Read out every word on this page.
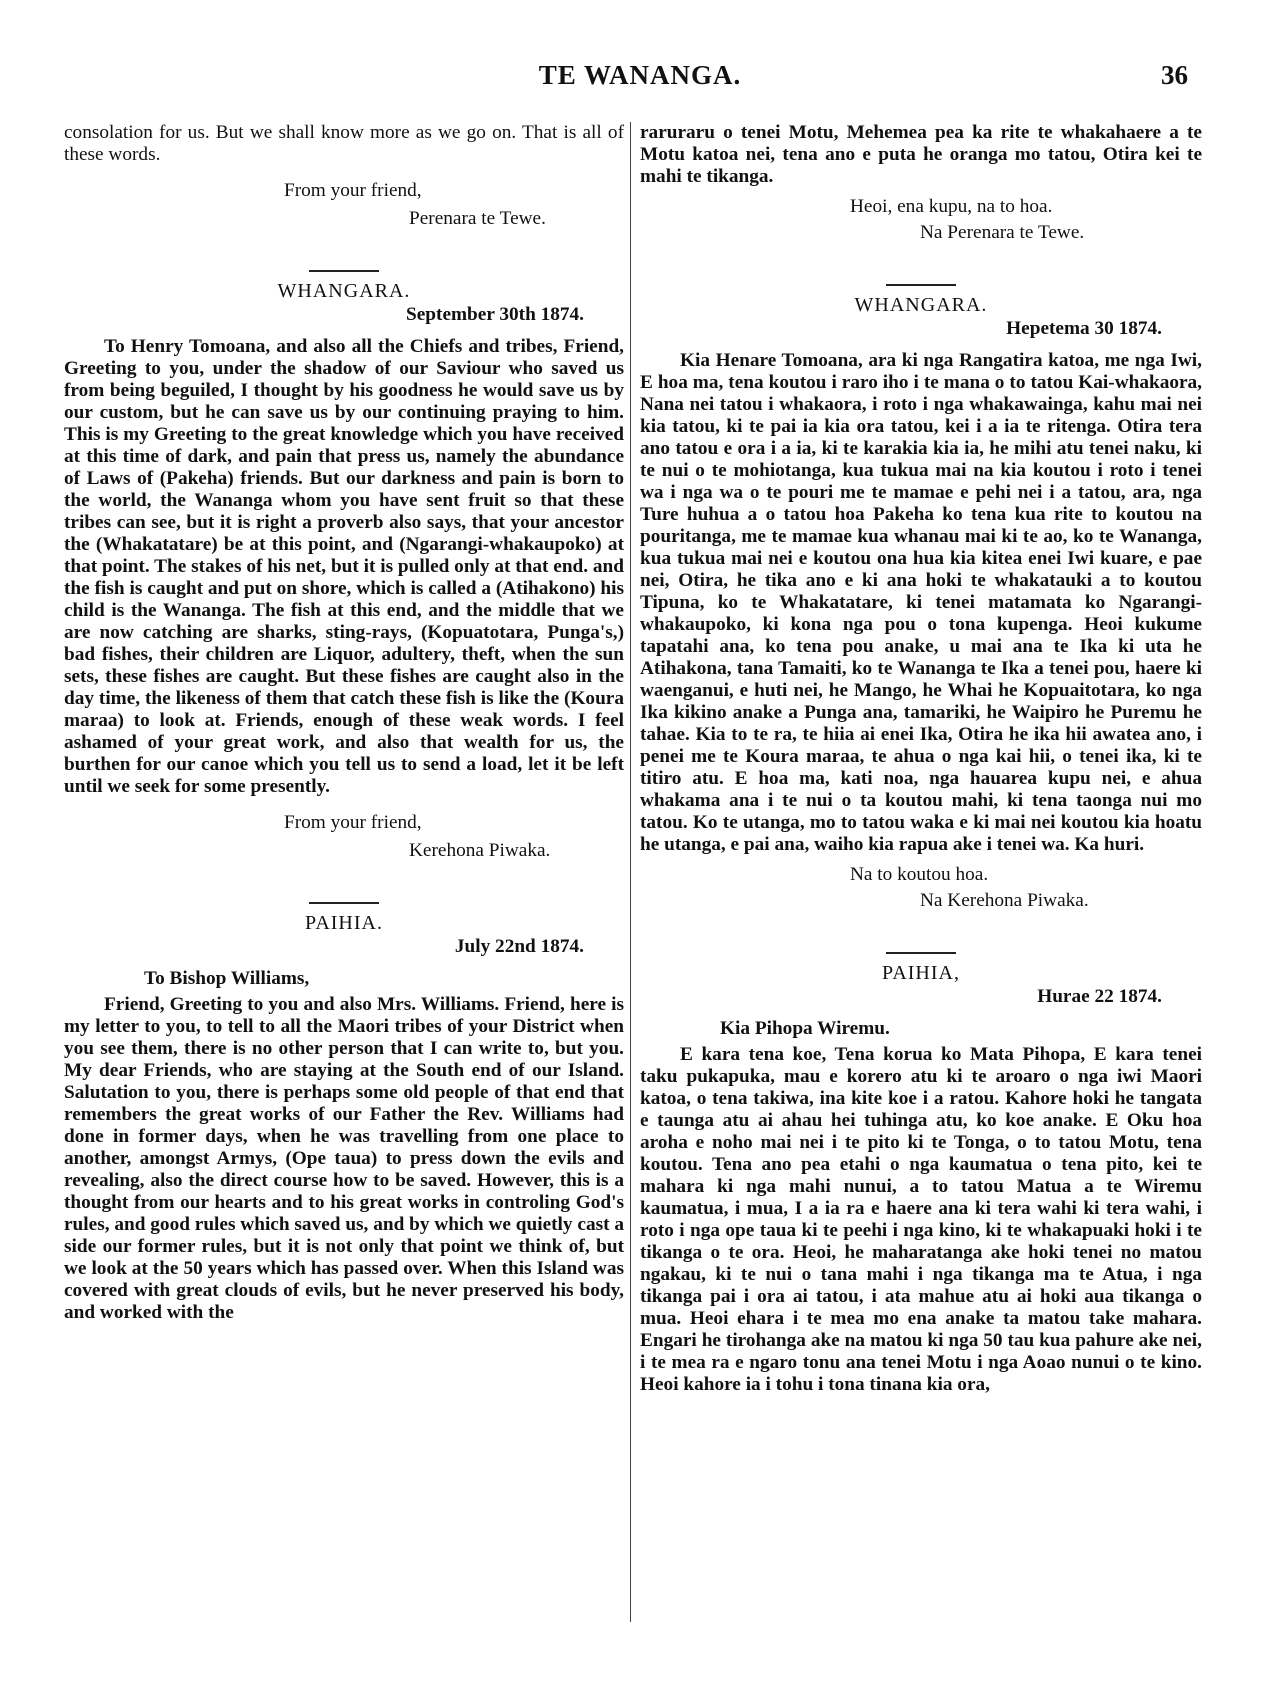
TE WANANGA.	36

consolation for us. But we shall know more as we go on. That is all of these words.

From your friend,
Perenara te Tewe.
WHANGARA.
September 30th 1874.

To Henry Tomoana, and also all the Chiefs and tribes, Friend, Greeting to you, under the shadow of our Saviour who saved us from being beguiled, I thought by his goodness he would save us by our custom, but he can save us by our continuing praying to him. This is my Greeting to the great knowledge which you have received at this time of dark, and pain that press us, namely the abundance of Laws of (Pakeha) friends. But our darkness and pain is born to the world, the Wananga whom you have sent fruit so that these tribes can see, but it is right a proverb also says, that your ancestor the (Whakatatare) be at this point, and (Ngarangi-whakaupoko) at that point. The stakes of his net, but it is pulled only at that end. and the fish is caught and put on shore, which is called a (Atihakono) his child is the Wananga. The fish at this end, and the middle that we are now catching are sharks, sting-rays, (Kopuatotara, Punga's,) bad fishes, their children are Liquor, adultery, theft, when the sun sets, these fishes are caught. But these fishes are caught also in the day time, the likeness of them that catch these fish is like the (Koura maraa) to look at. Friends, enough of these weak words. I feel ashamed of your great work, and also that wealth for us, the burthen for our canoe which you tell us to send a load, let it be left until we seek for some presently.

From your friend,
Kerehona Piwaka.
PAIHIA.
July 22nd 1874.
To Bishop Williams,

Friend, Greeting to you and also Mrs. Williams. Friend, here is my letter to you, to tell to all the Maori tribes of your District when you see them, there is no other person that I can write to, but you. My dear Friends, who are staying at the South end of our Island. Salutation to you, there is perhaps some old people of that end that remembers the great works of our Father the Rev. Williams had done in former days, when he was travelling from one place to another, amongst Armys, (Ope taua) to press down the evils and revealing, also the direct course how to be saved. However, this is a thought from our hearts and to his great works in controling God's rules, and good rules which saved us, and by which we quietly cast a side our former rules, but it is not only that point we think of, but we look at the 50 years which has passed over. When this Island was covered with great clouds of evils, but he never preserved his body, and worked with the

raruraru o tenei Motu, Mehemea pea ka rite te whakahaere a te Motu katoa nei, tena ano e puta he oranga mo tatou, Otira kei te mahi te tikanga.

Heoi, ena kupu, na to hoa.
Na Perenara te Tewe.
WHANGARA.
Hepetema 30 1874.

Kia Henare Tomoana, ara ki nga Rangatira katoa, me nga Iwi, E hoa ma, tena koutou i raro iho i te mana o to tatou Kai-whakaora, Nana nei tatou i whakaora, i roto i nga whakawainga, kahu mai nei kia tatou, ki te pai ia kia ora tatou, kei i a ia te ritenga. Otira tera ano tatou e ora i a ia, ki te karakia kia ia, he mihi atu tenei naku, ki te nui o te mohiotanga, kua tukua mai na kia koutou i roto i tenei wa i nga wa o te pouri me te mamae e pehi nei i a tatou, ara, nga Ture huhua a o tatou hoa Pakeha ko tena kua rite to koutou na pouritanga, me te mamae kua whanau mai ki te ao, ko te Wananga, kua tukua mai nei e koutou ona hua kia kitea enei Iwi kuare, e pae nei, Otira, he tika ano e ki ana hoki te whakatauki a to koutou Tipuna, ko te Whakatatare, ki tenei matamata ko Ngarangi-whakaupoko, ki kona nga pou o tona kupenga. Heoi kukume tapatahi ana, ko tena pou anake, u mai ana te Ika ki uta he Atihakona, tana Tamaiti, ko te Wananga te Ika a tenei pou, haere ki waenganui, e huti nei, he Mango, he Whai he Kopuaitotara, ko nga Ika kikino anake a Punga ana, tamariki, he Waipiro he Puremu he tahae. Kia to te ra, te hiia ai enei Ika, Otira he ika hii awatea ano, i penei me te Koura maraa, te ahua o nga kai hii, o tenei ika, ki te titiro atu. E hoa ma, kati noa, nga hauarea kupu nei, e ahua whakama ana i te nui o ta koutou mahi, ki tena taonga nui mo tatou. Ko te utanga, mo to tatou waka e ki mai nei koutou kia hoatu he utanga, e pai ana, waiho kia rapua ake i tenei wa. Ka huri.

Na to koutou hoa.
Na Kerehona Piwaka.
PAIHIA,
Hurae 22 1874.
Kia Pihopa Wiremu.

E kara tena koe, Tena korua ko Mata Pihopa, E kara tenei taku pukapuka, mau e korero atu ki te aroaro o nga iwi Maori katoa, o tena takiwa, ina kite koe i a ratou. Kahore hoki he tangata e taunga atu ai ahau hei tuhinga atu, ko koe anake. E Oku hoa aroha e noho mai nei i te pito ki te Tonga, o to tatou Motu, tena koutou. Tena ano pea etahi o nga kaumatua o tena pito, kei te mahara ki nga mahi nunui, a to tatou Matua a te Wiremu kaumatua, i mua, I a ia ra e haere ana ki tera wahi ki tera wahi, i roto i nga ope taua ki te peehi i nga kino, ki te whakapuaki hoki i te tikanga o te ora. Heoi, he maharatanga ake hoki tenei no matou ngakau, ki te nui o tana mahi i nga tikanga ma te Atua, i nga tikanga pai i ora ai tatou, i ata mahue atu ai hoki aua tikanga o mua. Heoi ehara i te mea mo ena anake ta matou take mahara. Engari he tirohanga ake na matou ki nga 50 tau kua pahure ake nei, i te mea ra e ngaro tonu ana tenei Motu i nga Aoao nunui o te kino. Heoi kahore ia i tohu i tona tinana kia ora,
